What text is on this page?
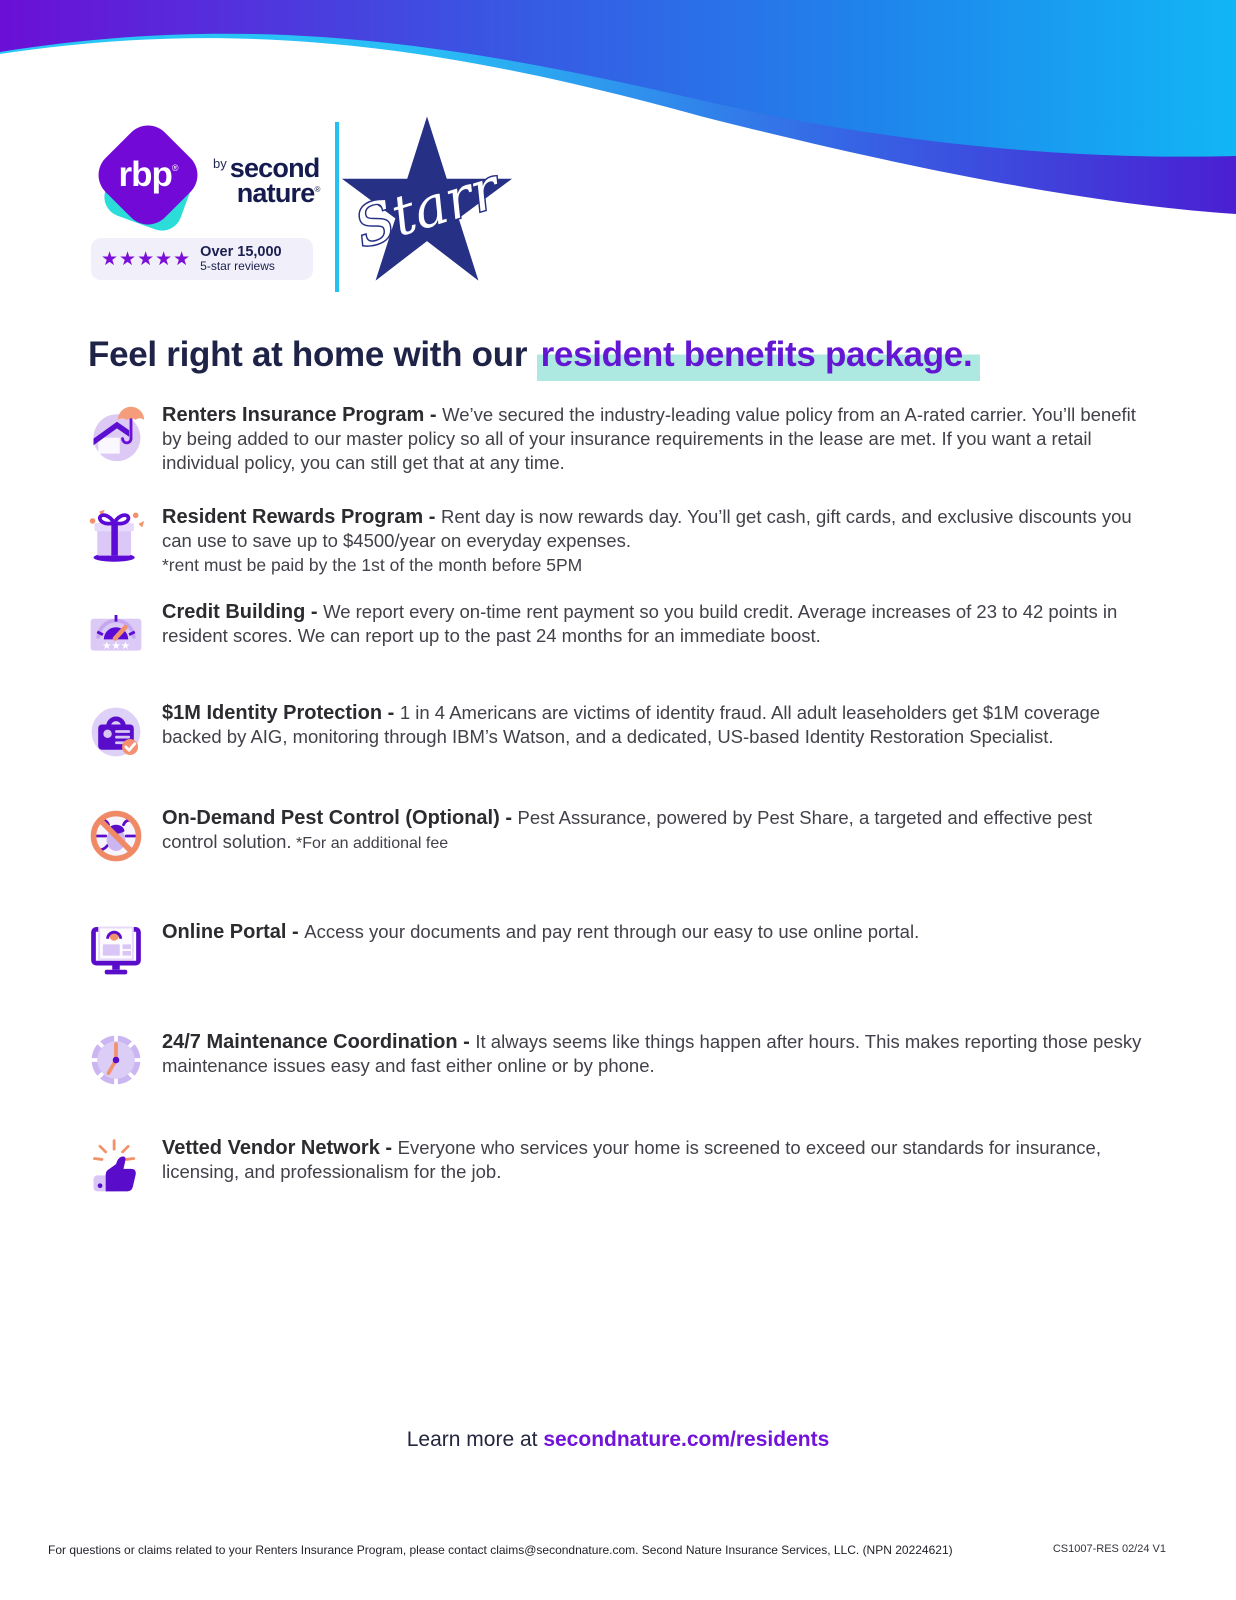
rbp®	$^{by}$ second
nature®
★★★★★ Over 15,000
5-star reviews
Starr
Feel right at home with our resident benefits package.

Renters Insurance Program - We’ve secured the industry-leading value policy from an A-rated carrier. You’ll benefit by being added to our master policy so all of your insurance requirements in the lease are met. If you want a retail individual policy, you can still get that at any time.

Resident Rewards Program - Rent day is now rewards day. You’ll get cash, gift cards, and exclusive discounts you can use to save up to $4500/year on everyday expenses.

*rent must be paid by the 1st of the month before 5PM
★ ★ ★

Credit Building - We report every on-time rent payment so you build credit. Average increases of 23 to 42 points in resident scores. We can report up to the past 24 months for an immediate boost.

$1M Identity Protection - 1 in 4 Americans are victims of identity fraud. All adult leaseholders get $1M coverage backed by AIG, monitoring through IBM’s Watson, and a dedicated, US-based Identity Restoration Specialist.

On-Demand Pest Control (Optional) - Pest Assurance, powered by Pest Share, a targeted and effective pest control solution. *For an additional fee

Online Portal - Access your documents and pay rent through our easy to use online portal.

24/7 Maintenance Coordination - It always seems like things happen after hours. This makes reporting those pesky maintenance issues easy and fast either online or by phone.

Vetted Vendor Network - Everyone who services your home is screened to exceed our standards for insurance, licensing, and professionalism for the job.

Learn more at secondnature.com/residents
For questions or claims related to your Renters Insurance Program, please contact claims@secondnature.com. Second Nature Insurance Services, LLC. (NPN 20224621)	CS1007-RES 02/24 V1
